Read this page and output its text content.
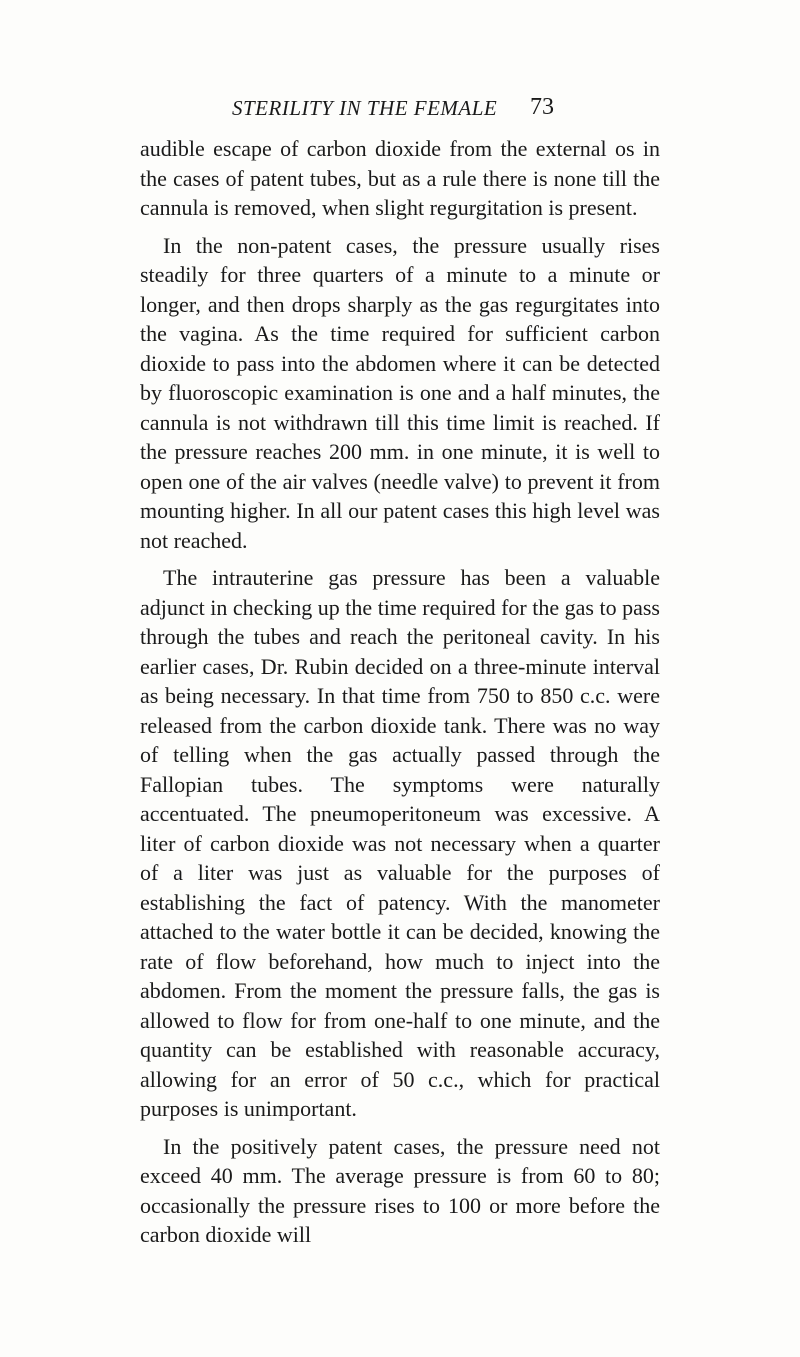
STERILITY IN THE FEMALE 73

audible escape of carbon dioxide from the external os in the cases of patent tubes, but as a rule there is none till the cannula is removed, when slight regurgitation is present.

In the non-patent cases, the pressure usually rises steadily for three quarters of a minute to a minute or longer, and then drops sharply as the gas regurgitates into the vagina. As the time required for sufficient carbon dioxide to pass into the abdomen where it can be detected by fluoroscopic examination is one and a half minutes, the cannula is not withdrawn till this time limit is reached. If the pressure reaches 200 mm. in one minute, it is well to open one of the air valves (needle valve) to prevent it from mounting higher. In all our patent cases this high level was not reached.

The intrauterine gas pressure has been a valuable adjunct in checking up the time required for the gas to pass through the tubes and reach the peritoneal cavity. In his earlier cases, Dr. Rubin decided on a three-minute interval as being necessary. In that time from 750 to 850 c.c. were released from the carbon dioxide tank. There was no way of telling when the gas actually passed through the Fallopian tubes. The symptoms were naturally accentuated. The pneumoperitoneum was excessive. A liter of carbon dioxide was not necessary when a quarter of a liter was just as valuable for the purposes of establishing the fact of patency. With the manometer attached to the water bottle it can be decided, knowing the rate of flow beforehand, how much to inject into the abdomen. From the moment the pressure falls, the gas is allowed to flow for from one-half to one minute, and the quantity can be established with reasonable accuracy, allowing for an error of 50 c.c., which for practical purposes is unimportant.

In the positively patent cases, the pressure need not exceed 40 mm. The average pressure is from 60 to 80; occasionally the pressure rises to 100 or more before the carbon dioxide will
